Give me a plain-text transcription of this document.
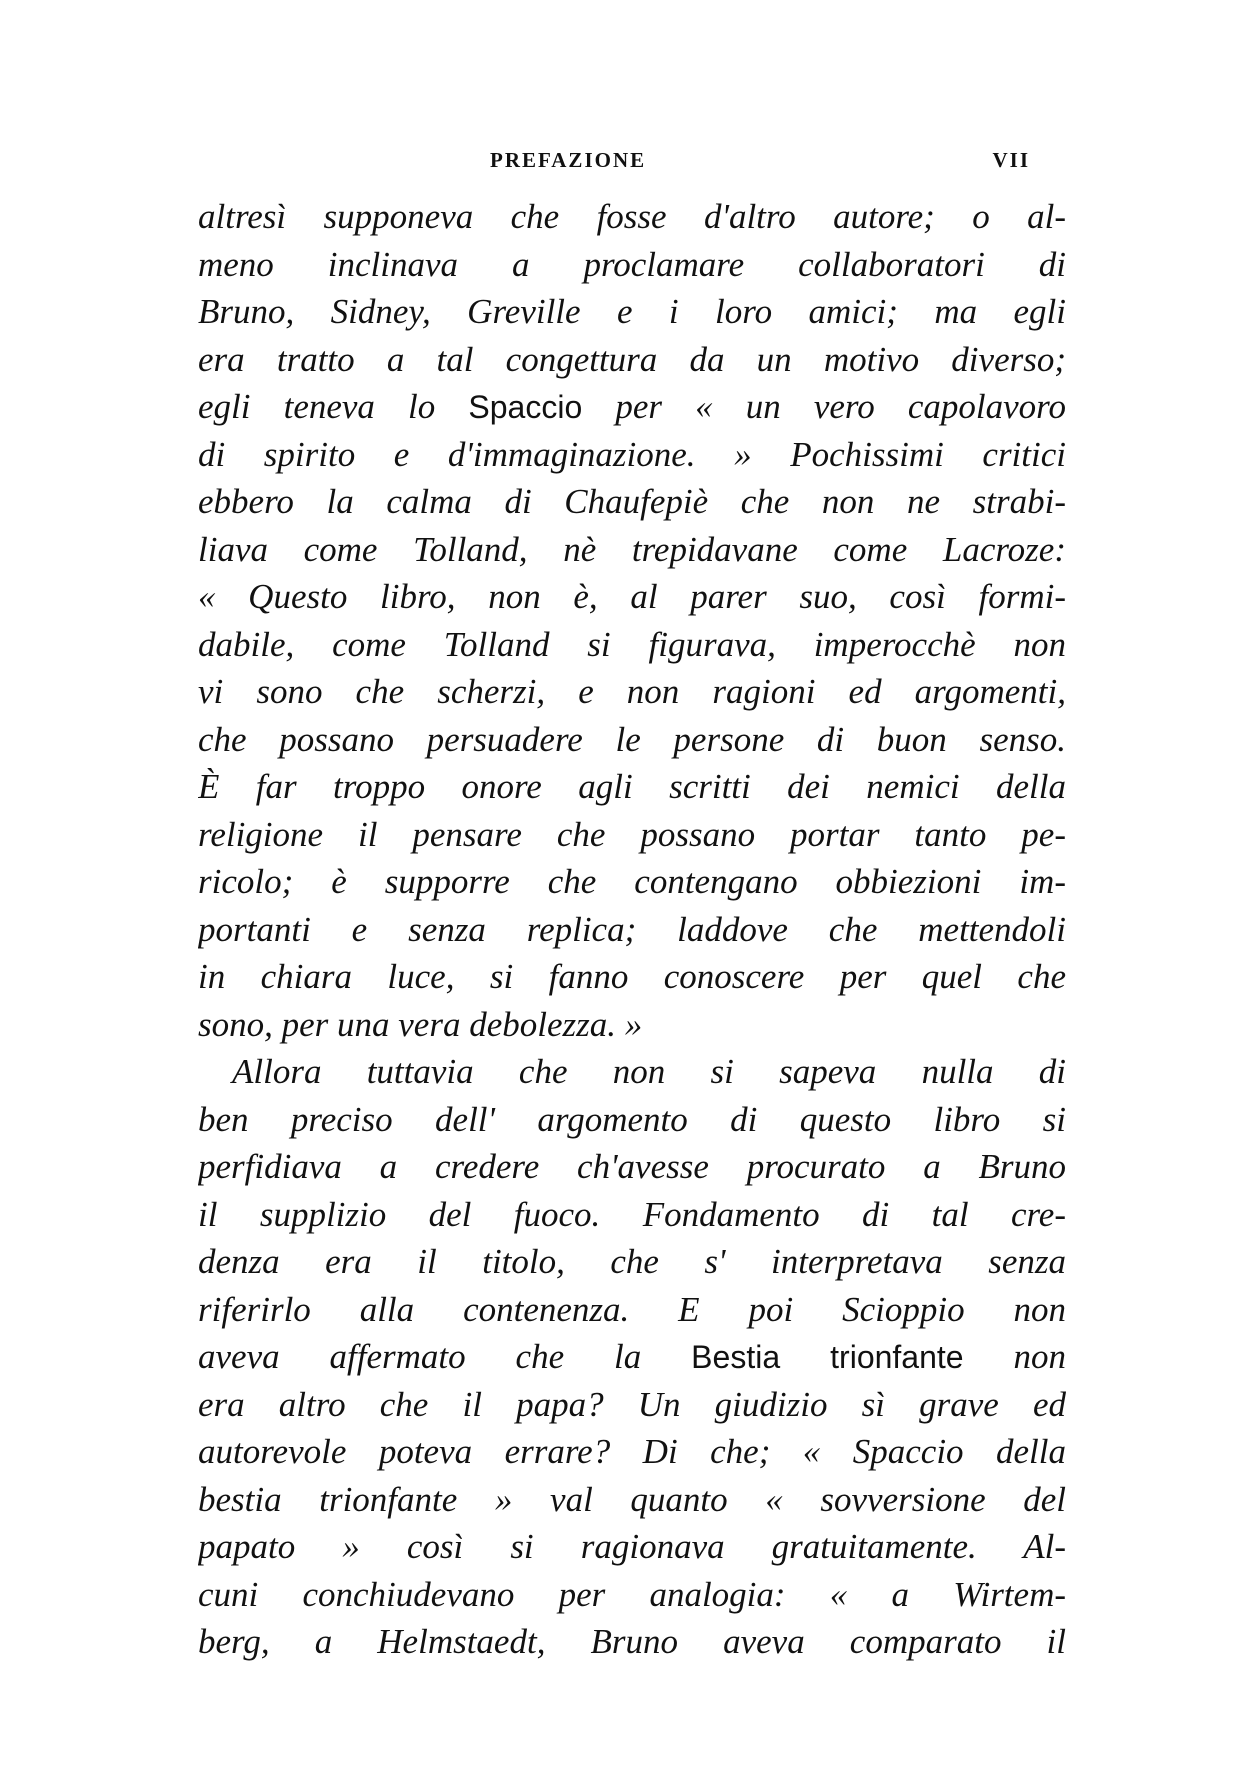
PREFAZIONE	VII
altresì supponeva che fosse d'altro autore; o al-
meno inclinava a proclamare collaboratori di
Bruno, Sidney, Greville e i loro amici; ma egli
era tratto a tal congettura da un motivo diverso;
egli teneva lo Spaccio per « un vero capolavoro
di spirito e d'immaginazione. » Pochissimi critici
ebbero la calma di Chaufepiè che non ne strabi-
liava come Tolland, nè trepidavane come Lacroze:
« Questo libro, non è, al parer suo, così formi-
dabile, come Tolland si figurava, imperocchè non
vi sono che scherzi, e non ragioni ed argomenti,
che possano persuadere le persone di buon senso.
È far troppo onore agli scritti dei nemici della
religione il pensare che possano portar tanto pe-
ricolo; è supporre che contengano obbiezioni im-
portanti e senza replica; laddove che mettendoli
in chiara luce, si fanno conoscere per quel che
sono, per una vera debolezza. »
Allora tuttavia che non si sapeva nulla di
ben preciso dell' argomento di questo libro si
perfidiava a credere ch'avesse procurato a Bruno
il supplizio del fuoco. Fondamento di tal cre-
denza era il titolo, che s' interpretava senza
riferirlo alla contenenza. E poi Scioppio non
aveva affermato che la Bestia trionfante non
era altro che il papa? Un giudizio sì grave ed
autorevole poteva errare? Di che; « Spaccio della
bestia trionfante » val quanto « sovversione del
papato » così si ragionava gratuitamente. Al-
cuni conchiudevano per analogia: « a Wirtem-
berg, a Helmstaedt, Bruno aveva comparato il
